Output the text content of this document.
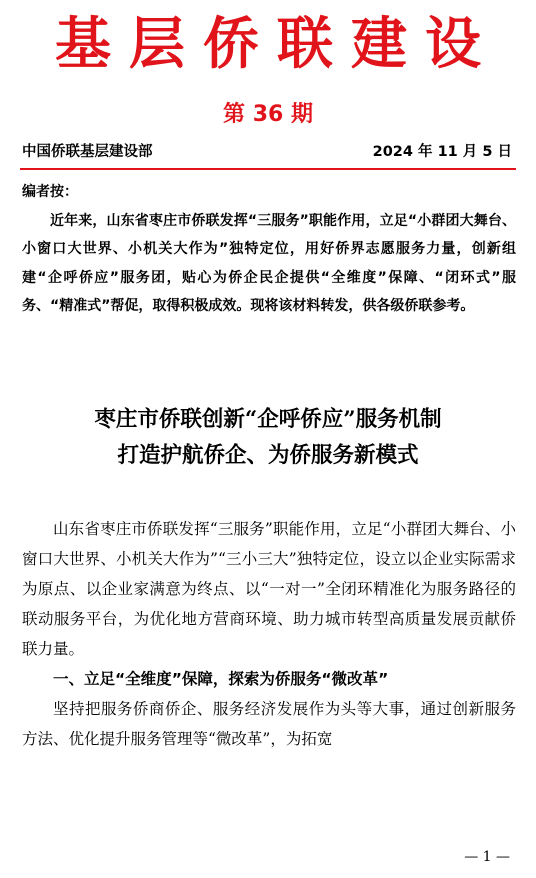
基层侨联建设
第 36 期
中国侨联基层建设部	2024 年 11 月 5 日
编者按：
近年来，山东省枣庄市侨联发挥“三服务”职能作用，立足“小群团大舞台、小窗口大世界、小机关大作为”独特定位，用好侨界志愿服务力量，创新组建“企呼侨应”服务团，贴心为侨企民企提供“全维度”保障、“闭环式”服务、“精准式”帮促，取得积极成效。现将该材料转发，供各级侨联参考。
枣庄市侨联创新“企呼侨应”服务机制
打造护航侨企、为侨服务新模式

山东省枣庄市侨联发挥“三服务”职能作用，立足“小群团大舞台、小窗口大世界、小机关大作为”“三小三大”独特定位，设立以企业实际需求为原点、以企业家满意为终点、以“一对一”全闭环精准化为服务路径的联动服务平台，为优化地方营商环境、助力城市转型高质量发展贡献侨联力量。

一、立足“全维度”保障，探索为侨服务“微改革”

坚持把服务侨商侨企、服务经济发展作为头等大事，通过创新服务方法、优化提升服务管理等“微改革”，为拓宽

— 1 —
